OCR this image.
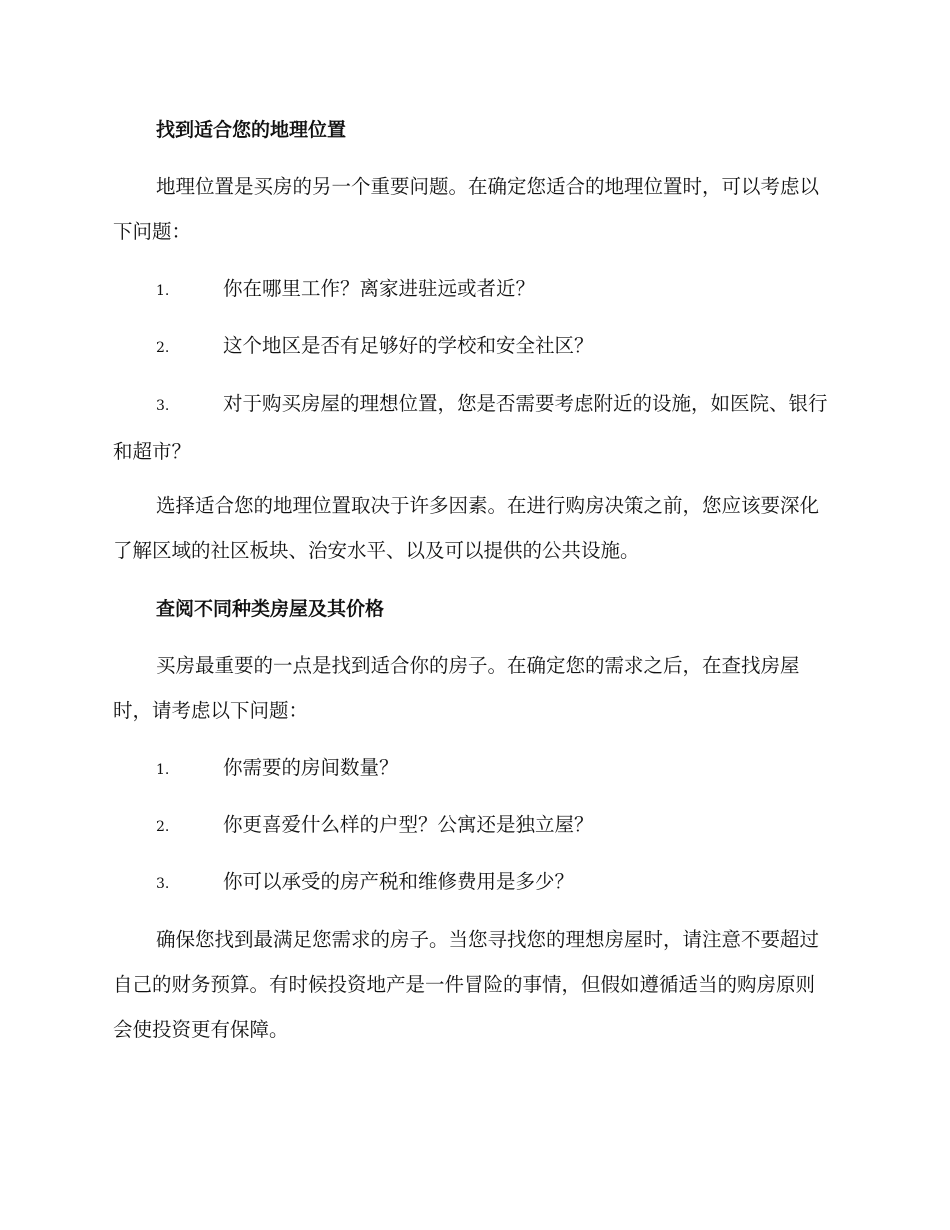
找到适合您的地理位置

地理位置是买房的另一个重要问题。在确定您适合的地理位置时，可以考虑以下问题：

1.	你在哪里工作？离家进驻远或者近？

2.	这个地区是否有足够好的学校和安全社区？

3.	对于购买房屋的理想位置，您是否需要考虑附近的设施，如医院、银行和超市？

选择适合您的地理位置取决于许多因素。在进行购房决策之前，您应该要深化了解区域的社区板块、治安水平、以及可以提供的公共设施。

查阅不同种类房屋及其价格

买房最重要的一点是找到适合你的房子。在确定您的需求之后，在查找房屋时，请考虑以下问题：

1.	你需要的房间数量？

2.	你更喜爱什么样的户型？公寓还是独立屋？

3.	你可以承受的房产税和维修费用是多少？

确保您找到最满足您需求的房子。当您寻找您的理想房屋时，请注意不要超过自己的财务预算。有时候投资地产是一件冒险的事情，但假如遵循适当的购房原则会使投资更有保障。
